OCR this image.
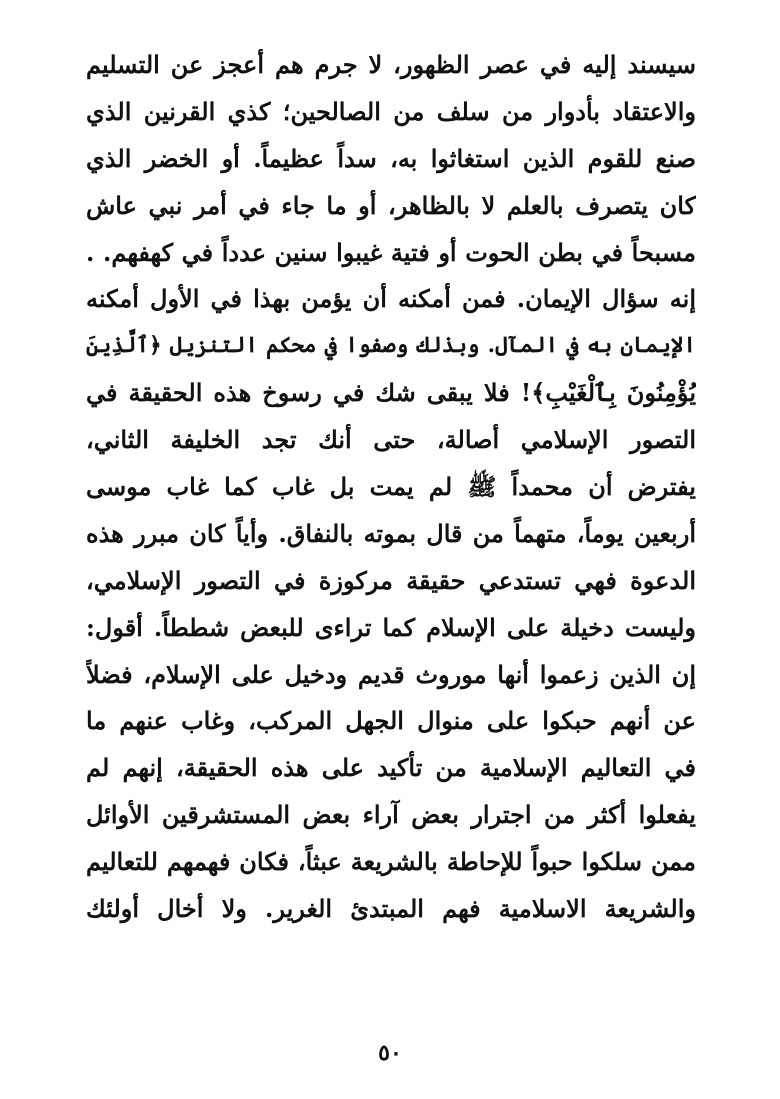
سيسند إليه في عصر الظهور، لا جرم هم أعجز عن التسليم
والاعتقاد بأدوار من سلف من الصالحين؛ كذي القرنين الذي
صنع للقوم الذين استغاثوا به، سداً عظيماً. أو الخضر الذي
كان يتصرف بالعلم لا بالظاهر، أو ما جاء في أمر نبي عاش
مسبحاً في بطن الحوت أو فتية غيبوا سنين عدداً في كهفهم. .
إنه سؤال الإيمان. فمن أمكنه أن يؤمن بهذا في الأول أمكنه
الإيمان به في المآل. وبذلك وصفوا في محكم التنزيل ﴿ٱلَّذِينَ
يُؤْمِنُونَ بِٱلْغَيْبِ﴾! فلا يبقى شك في رسوخ هذه الحقيقة في
التصور الإسلامي أصالة، حتى أنك تجد الخليفة الثاني،
يفترض أن محمداً ﷺ لم يمت بل غاب كما غاب موسى
أربعين يوماً، متهماً من قال بموته بالنفاق. وأياً كان مبرر هذه
الدعوة فهي تستدعي حقيقة مركوزة في التصور الإسلامي،
وليست دخيلة على الإسلام كما تراءى للبعض شططاً. أقول:
إن الذين زعموا أنها موروث قديم ودخيل على الإسلام، فضلاً
عن أنهم حبكوا على منوال الجهل المركب، وغاب عنهم ما
في التعاليم الإسلامية من تأكيد على هذه الحقيقة، إنهم لم
يفعلوا أكثر من اجترار بعض آراء بعض المستشرقين الأوائل
ممن سلكوا حبواً للإحاطة بالشريعة عبثاً، فكان فهمهم للتعاليم
والشريعة الاسلامية فهم المبتدئ الغرير. ولا أخال أولئك
٥٠
